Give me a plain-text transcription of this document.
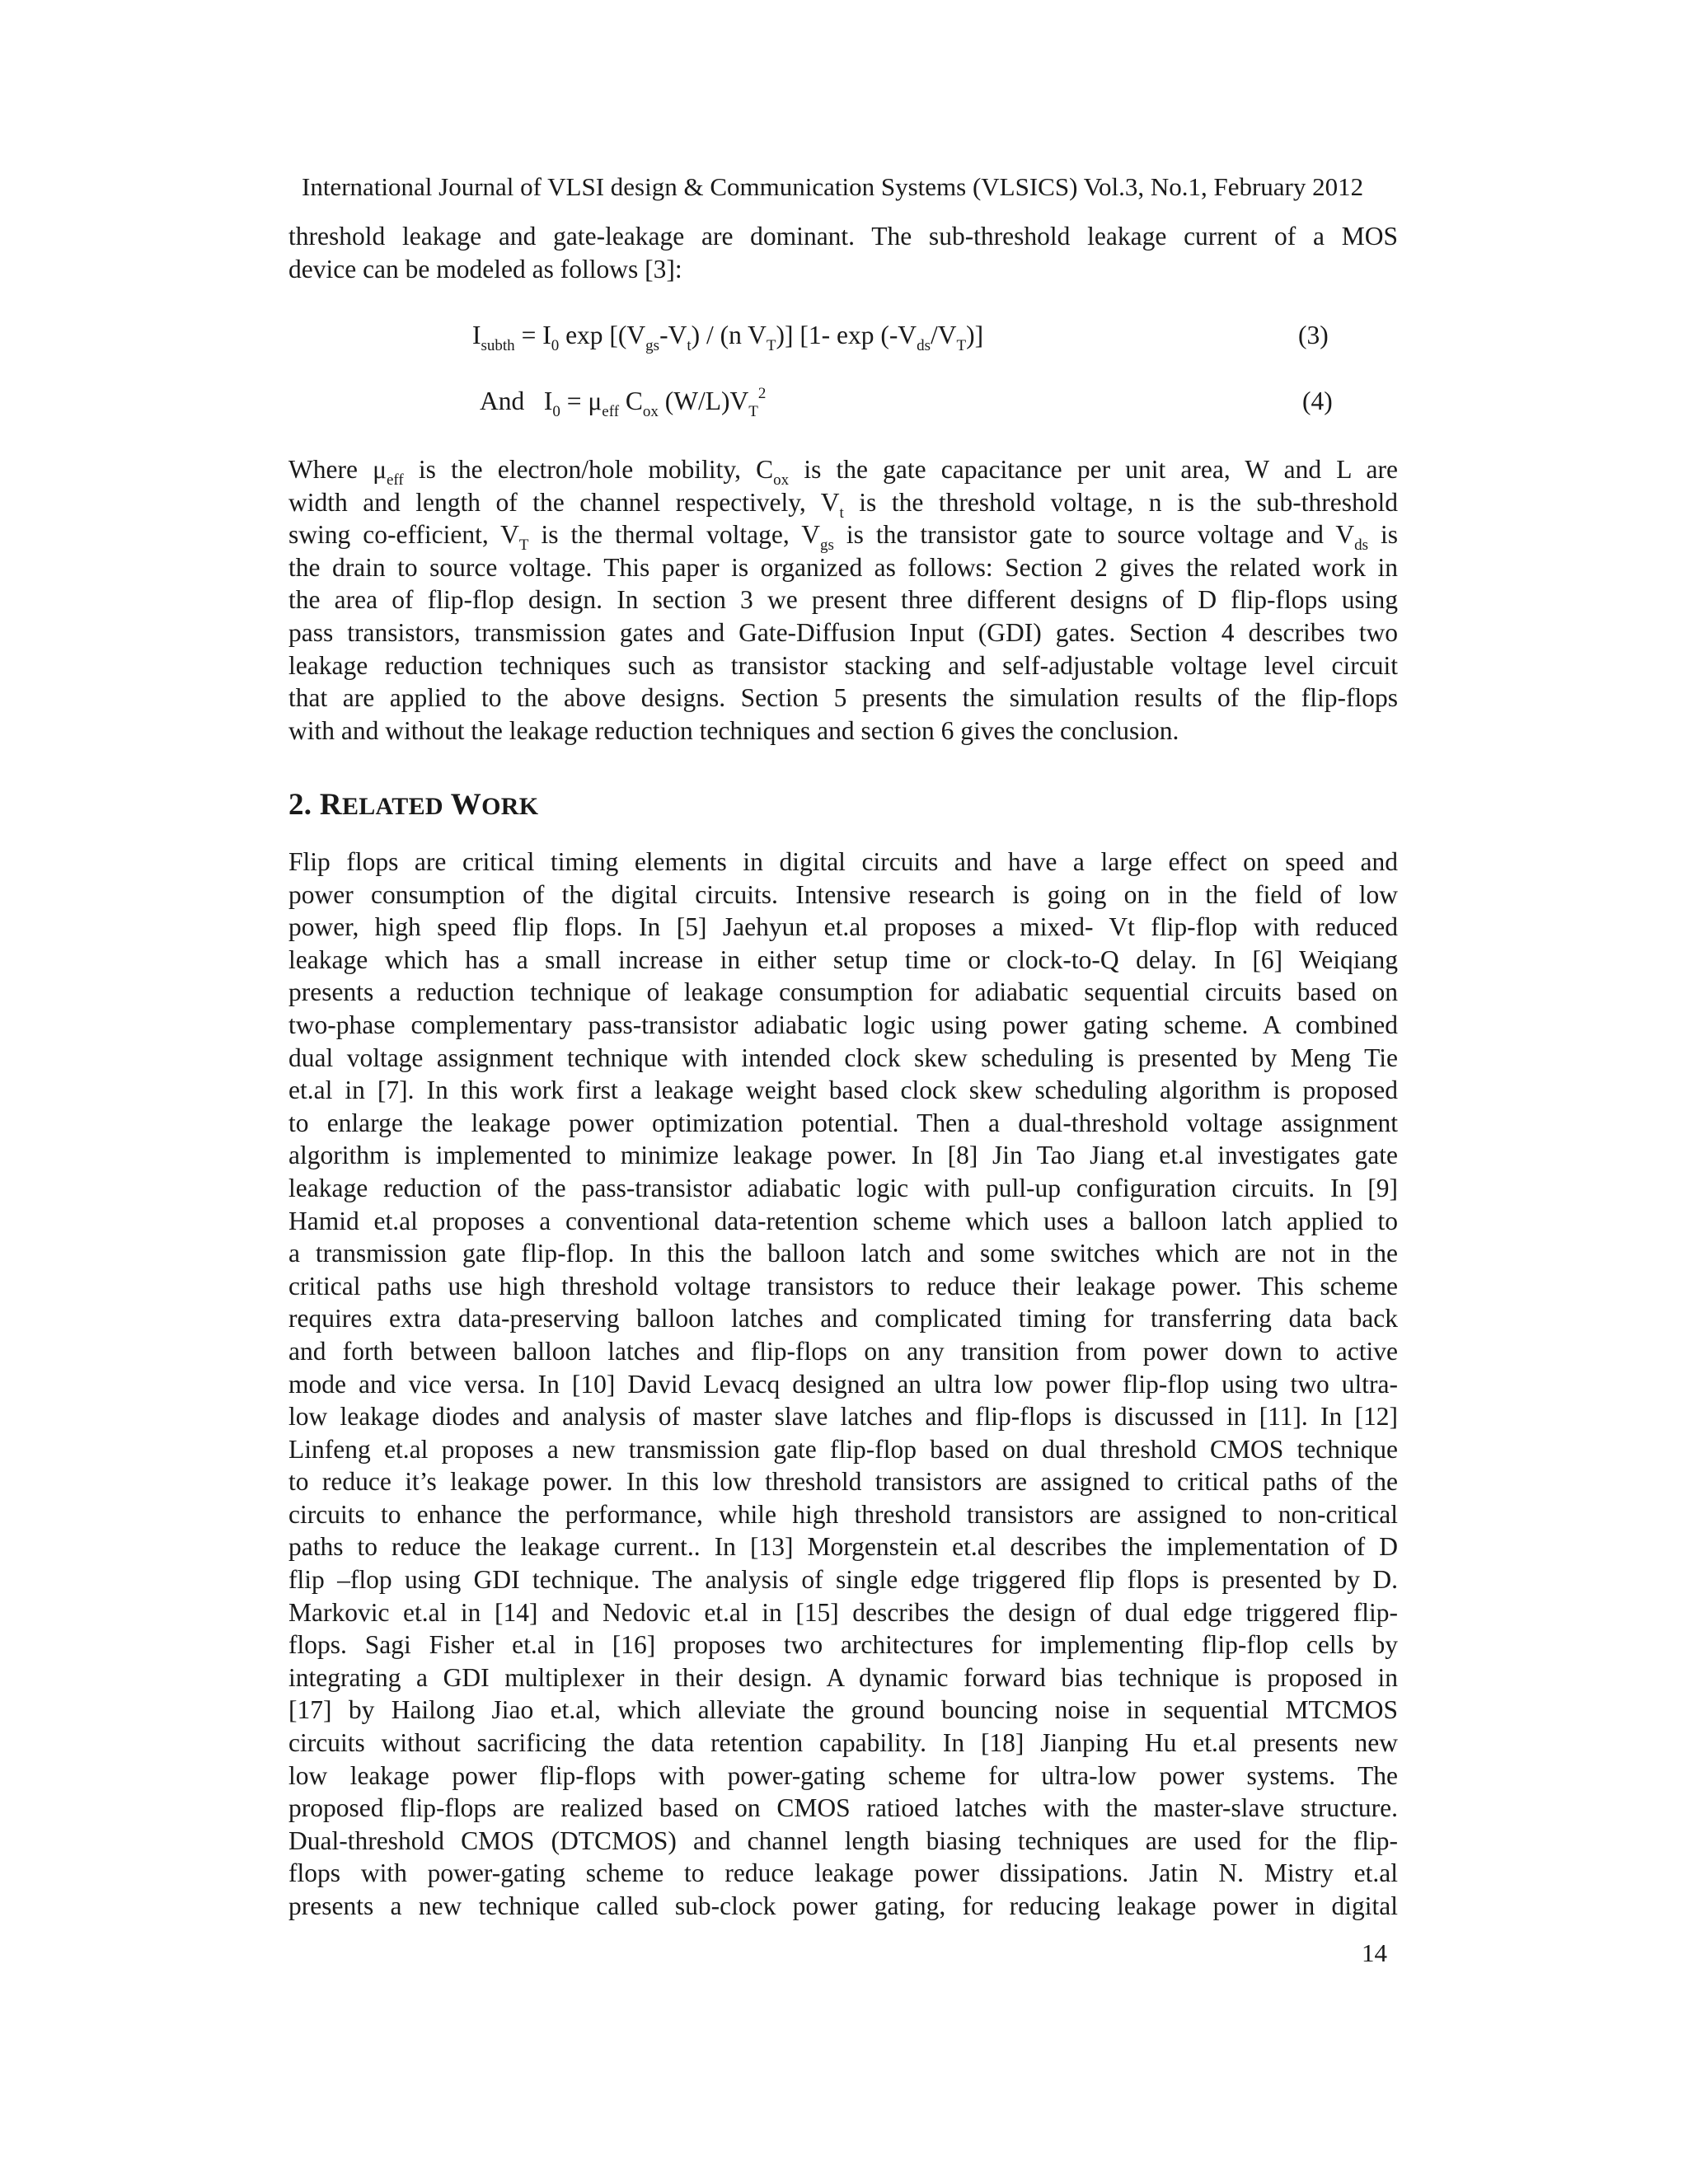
International Journal of VLSI design & Communication Systems (VLSICS) Vol.3, No.1, February 2012
threshold leakage and gate-leakage are dominant. The sub-threshold leakage current of a MOS
device can be modeled as follows [3]:
$I_{subth} = I_0$ $\exp [(V_{gs}-V_t) / (n$ $V_T$)] [1- $\exp (-V_{ds}/V_T)$]	(3)
And   $I_0 = \mu_{eff}$ $C_{ox}$ $(W/L)V_T^2$	(4)
Where $\mu_{eff}$ is the electron/hole mobility, $C_{ox}$ is the gate capacitance per unit area, W and L are
width and length of the channel respectively, $V_t$ is the threshold voltage, n is the sub-threshold
swing co-efficient, $V_T$ is the thermal voltage, $V_{gs}$ is the transistor gate to source voltage and $V_{ds}$ is
the drain to source voltage. This paper is organized as follows: Section 2 gives the related work in
the area of flip-flop design. In section 3 we present three different designs of D flip-flops using
pass transistors, transmission gates and Gate-Diffusion Input (GDI) gates. Section 4 describes two
leakage reduction techniques such as transistor stacking and self-adjustable voltage level circuit
that are applied to the above designs. Section 5 presents the simulation results of the flip-flops
with and without the leakage reduction techniques and section 6 gives the conclusion.
2. RELATED WORK
Flip flops are critical timing elements in digital circuits and have a large effect on speed and
power consumption of the digital circuits. Intensive research is going on in the field of low
power, high speed flip flops. In [5] Jaehyun et.al proposes a mixed- Vt flip-flop with reduced
leakage which has a small increase in either setup time or clock-to-Q delay. In [6] Weiqiang
presents a reduction technique of leakage consumption for adiabatic sequential circuits based on
two-phase complementary pass-transistor adiabatic logic using power gating scheme. A combined
dual voltage assignment technique with intended clock skew scheduling is presented by Meng Tie
et.al in [7]. In this work first a leakage weight based clock skew scheduling algorithm is proposed
to enlarge the leakage power optimization potential. Then a dual-threshold voltage assignment
algorithm is implemented to minimize leakage power. In [8] Jin Tao Jiang et.al investigates gate
leakage reduction of the pass-transistor adiabatic logic with pull-up configuration circuits. In [9]
Hamid et.al proposes a conventional data-retention scheme which uses a balloon latch applied to
a transmission gate flip-flop. In this the balloon latch and some switches which are not in the
critical paths use high threshold voltage transistors to reduce their leakage power. This scheme
requires extra data-preserving balloon latches and complicated timing for transferring data back
and forth between balloon latches and flip-flops on any transition from power down to active
mode and vice versa. In [10] David Levacq designed an ultra low power flip-flop using two ultra-
low leakage diodes and analysis of master slave latches and flip-flops is discussed in [11]. In [12]
Linfeng et.al proposes a new transmission gate flip-flop based on dual threshold CMOS technique
to reduce it’s leakage power. In this low threshold transistors are assigned to critical paths of the
circuits to enhance the performance, while high threshold transistors are assigned to non-critical
paths to reduce the leakage current.. In [13] Morgenstein et.al describes the implementation of D
flip –flop using GDI technique. The analysis of single edge triggered flip flops is presented by D.
Markovic et.al in [14] and Nedovic et.al in [15] describes the design of dual edge triggered flip-
flops. Sagi Fisher et.al in [16] proposes two architectures for implementing flip-flop cells by
integrating a GDI multiplexer in their design. A dynamic forward bias technique is proposed in
[17] by Hailong Jiao et.al, which alleviate the ground bouncing noise in sequential MTCMOS
circuits without sacrificing the data retention capability. In [18] Jianping Hu et.al presents new
low leakage power flip-flops with power-gating scheme for ultra-low power systems. The
proposed flip-flops are realized based on CMOS ratioed latches with the master-slave structure.
Dual-threshold CMOS (DTCMOS) and channel length biasing techniques are used for the flip-
flops with power-gating scheme to reduce leakage power dissipations. Jatin N. Mistry et.al
presents a new technique called sub-clock power gating, for reducing leakage power in digital
14
